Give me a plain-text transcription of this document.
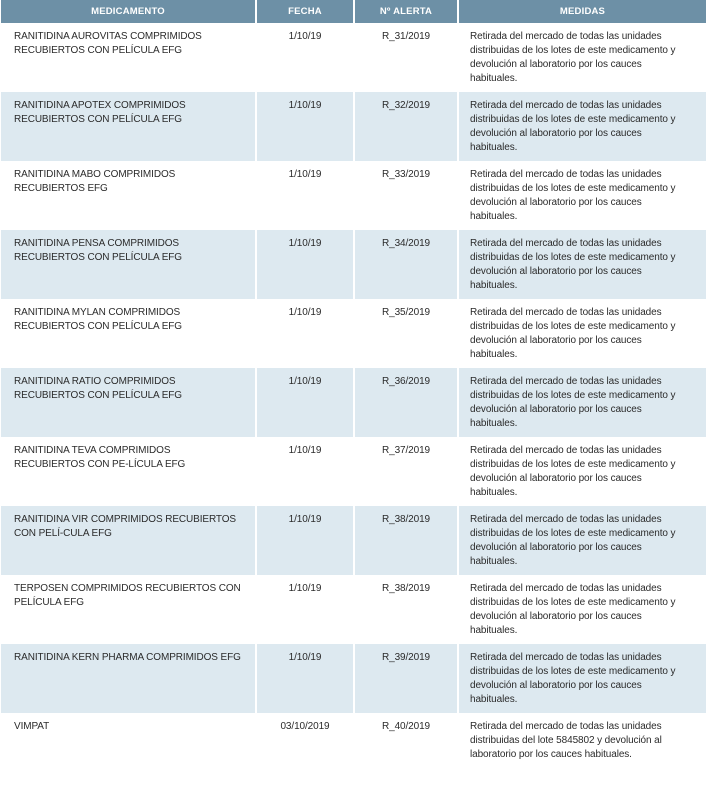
MEDICAMENTO	FECHA	Nº ALERTA	MEDIDAS
RANITIDINA AUROVITAS COMPRIMIDOS RECUBIERTOS CON PELÍCULA EFG	1/10/19	R_31/2019	Retirada del mercado de todas las unidades distribuidas de los lotes de este medicamento y devolución al laboratorio por los cauces habituales.
RANITIDINA APOTEX COMPRIMIDOS RECUBIERTOS CON PELÍCULA EFG	1/10/19	R_32/2019	Retirada del mercado de todas las unidades distribuidas de los lotes de este medicamento y devolución al laboratorio por los cauces habituales.
RANITIDINA MABO COMPRIMIDOS RECUBIERTOS EFG	1/10/19	R_33/2019	Retirada del mercado de todas las unidades distribuidas de los lotes de este medicamento y devolución al laboratorio por los cauces habituales.
RANITIDINA PENSA COMPRIMIDOS RECUBIERTOS CON PELÍCULA EFG	1/10/19	R_34/2019	Retirada del mercado de todas las unidades distribuidas de los lotes de este medicamento y devolución al laboratorio por los cauces habituales.
RANITIDINA MYLAN COMPRIMIDOS RECUBIERTOS CON PELÍCULA EFG	1/10/19	R_35/2019	Retirada del mercado de todas las unidades distribuidas de los lotes de este medicamento y devolución al laboratorio por los cauces habituales.
RANITIDINA RATIO COMPRIMIDOS RECUBIERTOS CON PELÍCULA EFG	1/10/19	R_36/2019	Retirada del mercado de todas las unidades distribuidas de los lotes de este medicamento y devolución al laboratorio por los cauces habituales.
RANITIDINA TEVA COMPRIMIDOS RECUBIERTOS CON PE-LÍCULA EFG	1/10/19	R_37/2019	Retirada del mercado de todas las unidades distribuidas de los lotes de este medicamento y devolución al laboratorio por los cauces habituales.
RANITIDINA VIR COMPRIMIDOS RECUBIERTOS CON PELÍ-CULA EFG	1/10/19	R_38/2019	Retirada del mercado de todas las unidades distribuidas de los lotes de este medicamento y devolución al laboratorio por los cauces habituales.
TERPOSEN COMPRIMIDOS RECUBIERTOS CON PELÍCULA EFG	1/10/19	R_38/2019	Retirada del mercado de todas las unidades distribuidas de los lotes de este medicamento y devolución al laboratorio por los cauces habituales.
RANITIDINA KERN PHARMA COMPRIMIDOS EFG	1/10/19	R_39/2019	Retirada del mercado de todas las unidades distribuidas de los lotes de este medicamento y devolución al laboratorio por los cauces habituales.
VIMPAT	03/10/2019	R_40/2019	Retirada del mercado de todas las unidades distribuidas del lote 5845802 y devolución al laboratorio por los cauces habituales.
